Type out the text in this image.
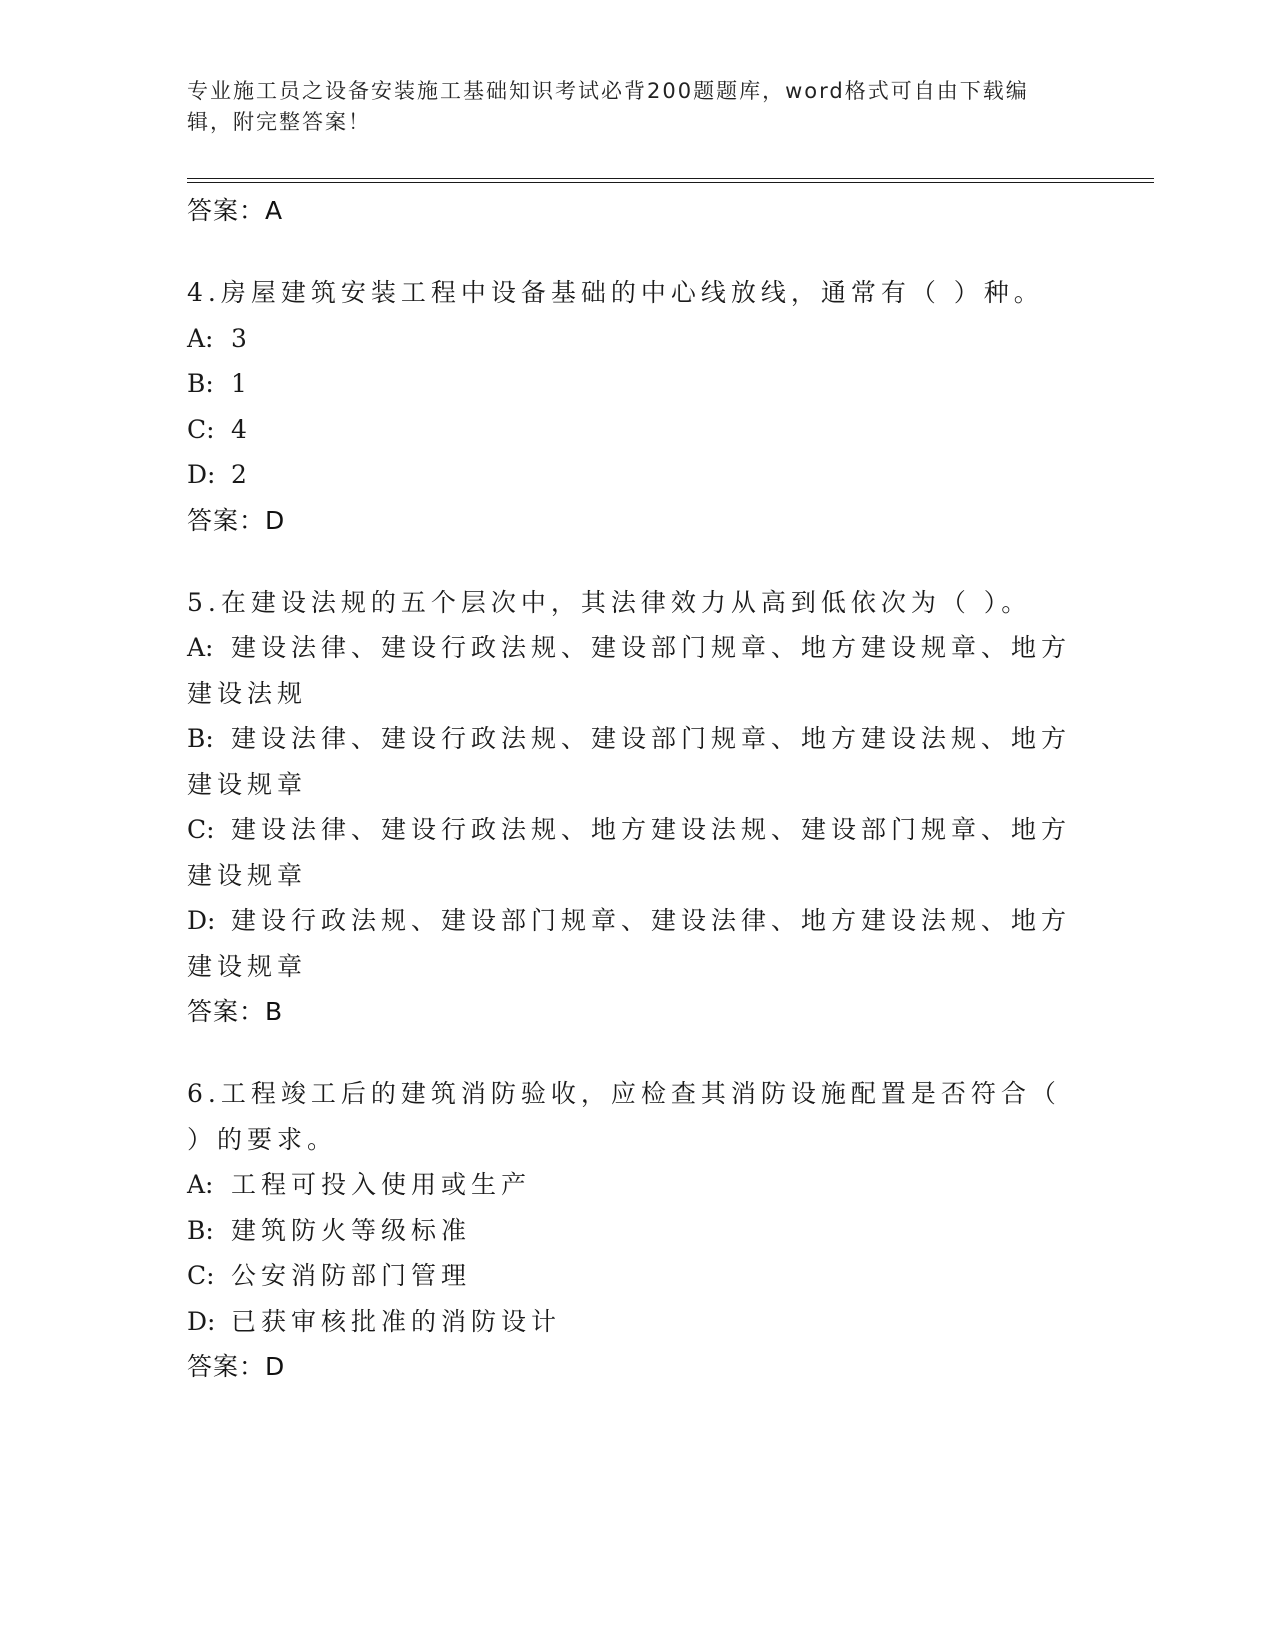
专业施工员之设备安装施工基础知识考试必背200题题库，word格式可自由下载编辑，附完整答案！

答案：A

4.房屋建筑安装工程中设备基础的中心线放线，通常有（ ）种。

A: 3
B: 1
C: 4
D: 2
答案：D

5.在建设法规的五个层次中，其法律效力从高到低依次为（ ）。

A: 建设法律、建设行政法规、建设部门规章、地方建设规章、地方建设法规
B: 建设法律、建设行政法规、建设部门规章、地方建设法规、地方建设规章
C: 建设法律、建设行政法规、地方建设法规、建设部门规章、地方建设规章
D: 建设行政法规、建设部门规章、建设法律、地方建设法规、地方建设规章
答案：B

6.工程竣工后的建筑消防验收，应检查其消防设施配置是否符合（ ）的要求。

A: 工程可投入使用或生产
B: 建筑防火等级标准
C: 公安消防部门管理
D: 已获审核批准的消防设计
答案：D
